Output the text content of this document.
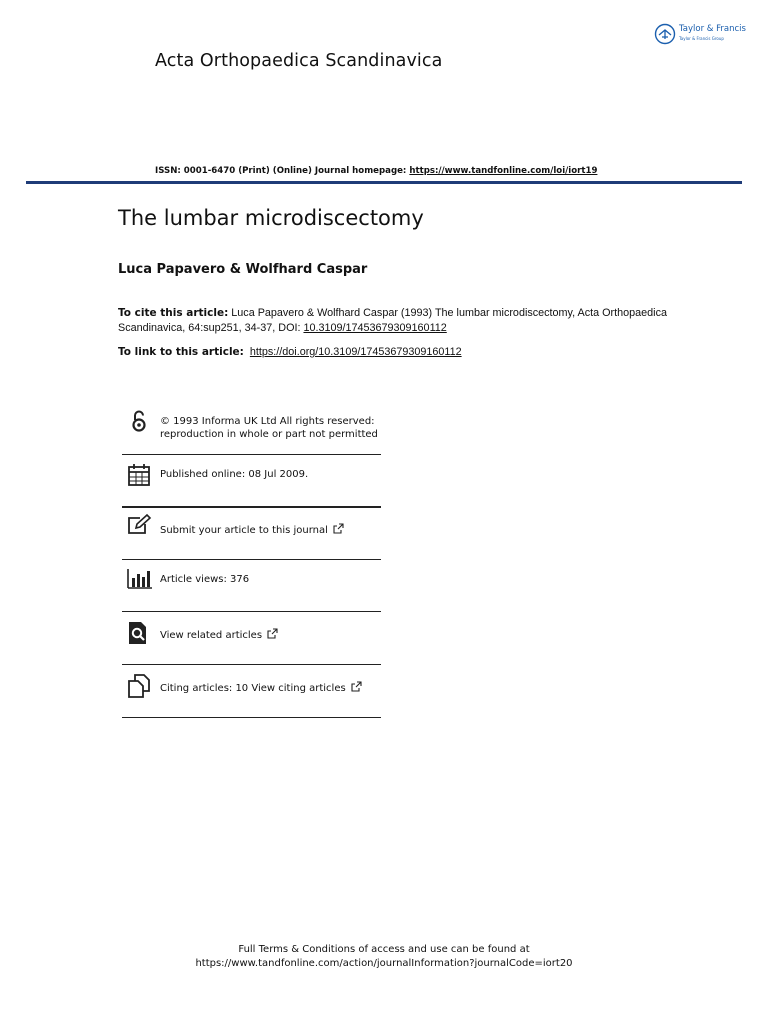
Acta Orthopaedica Scandinavica
Taylor & Francis
Taylor & Francis Group
ISSN: 0001-6470 (Print) (Online) Journal homepage: https://www.tandfonline.com/loi/iort19
The lumbar microdiscectomy
Luca Papavero & Wolfhard Caspar
To cite this article: Luca Papavero & Wolfhard Caspar (1993) The lumbar microdiscectomy, Acta Orthopaedica Scandinavica, 64:sup251, 34-37, DOI: 10.3109/17453679309160112
To link to this article: https://doi.org/10.3109/17453679309160112
© 1993 Informa UK Ltd All rights reserved:
reproduction in whole or part not permitted
Published online: 08 Jul 2009.
Submit your article to this journal
Article views: 376
View related articles
Citing articles: 10 View citing articles
Full Terms & Conditions of access and use can be found at
https://www.tandfonline.com/action/journalInformation?journalCode=iort20
